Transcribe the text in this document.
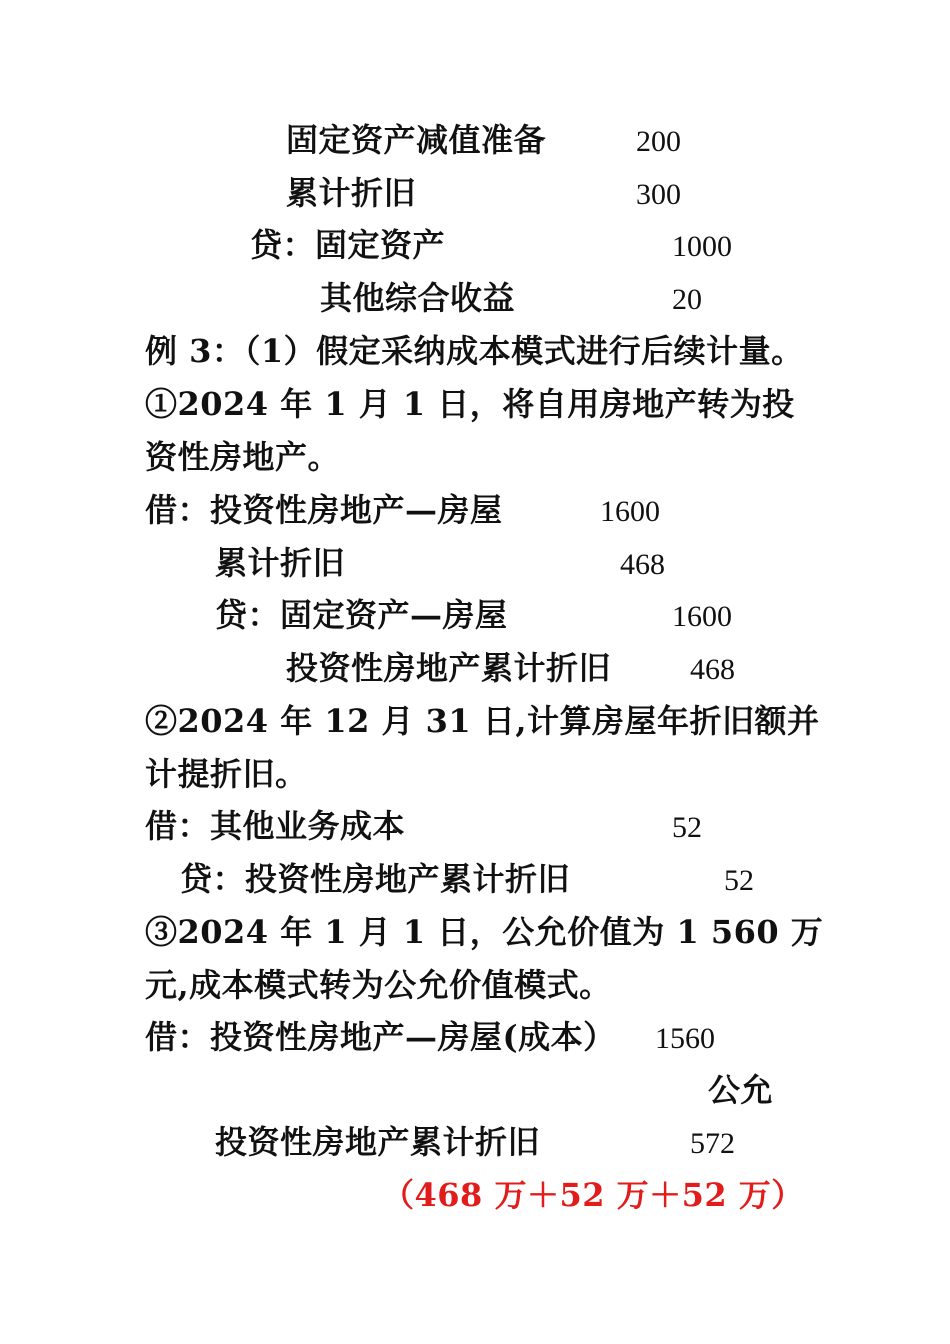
固定资产减值准备	200
累计折旧	300
贷：固定资产	1000
其他综合收益	20
例 3：（1）假定采纳成本模式进行后续计量。
①2024 年 1 月 1 日，将自用房地产转为投
资性房地产。
借：投资性房地产—房屋	1600
累计折旧	468
贷：固定资产—房屋	1600
投资性房地产累计折旧	468
②2024 年 12 月 31 日,计算房屋年折旧额并
计提折旧。
借：其他业务成本	52
贷：投资性房地产累计折旧	52
③2024 年 1 月 1 日，公允价值为 1 560 万
元,成本模式转为公允价值模式。
借：投资性房地产—房屋(成本） 1560
公允
投资性房地产累计折旧	572
（468 万＋52 万＋52 万）
